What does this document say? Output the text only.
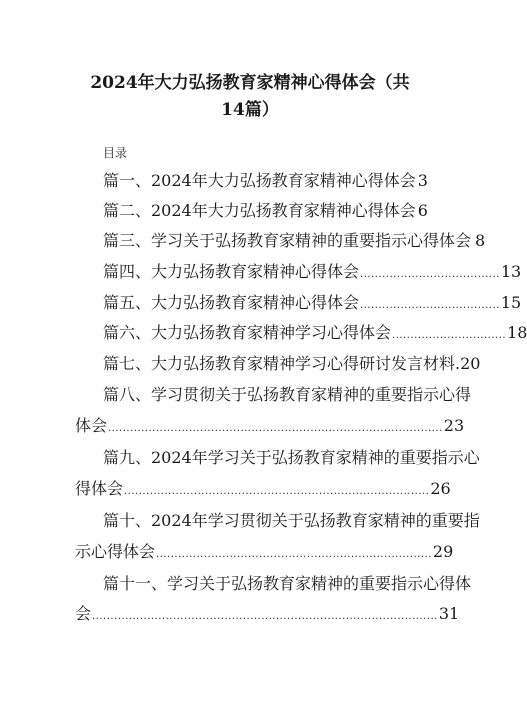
2024年大力弘扬教育家精神心得体会（共
14篇）
目录
篇一、2024年大力弘扬教育家精神心得体会 3
篇二、2024年大力弘扬教育家精神心得体会 6
篇三、学习关于弘扬教育家精神的重要指示心得体会 8
篇四、大力弘扬教育家精神心得体会 ...................................... 13
篇五、大力弘扬教育家精神心得体会 ...................................... 15
篇六、大力弘扬教育家精神学习心得体会 ............................... 18
篇七、大力弘扬教育家精神学习心得研讨发言材料 . 20
篇八、学习贯彻关于弘扬教育家精神的重要指示心得
体会 ........................................................................................... 23
篇九、2024年学习关于弘扬教育家精神的重要指示心
得体会 ................................................................................... 26
篇十、2024年学习贯彻关于弘扬教育家精神的重要指
示心得体会 ........................................................................... 29
篇十一、学习关于弘扬教育家精神的重要指示心得体
会 .............................................................................................. 31
